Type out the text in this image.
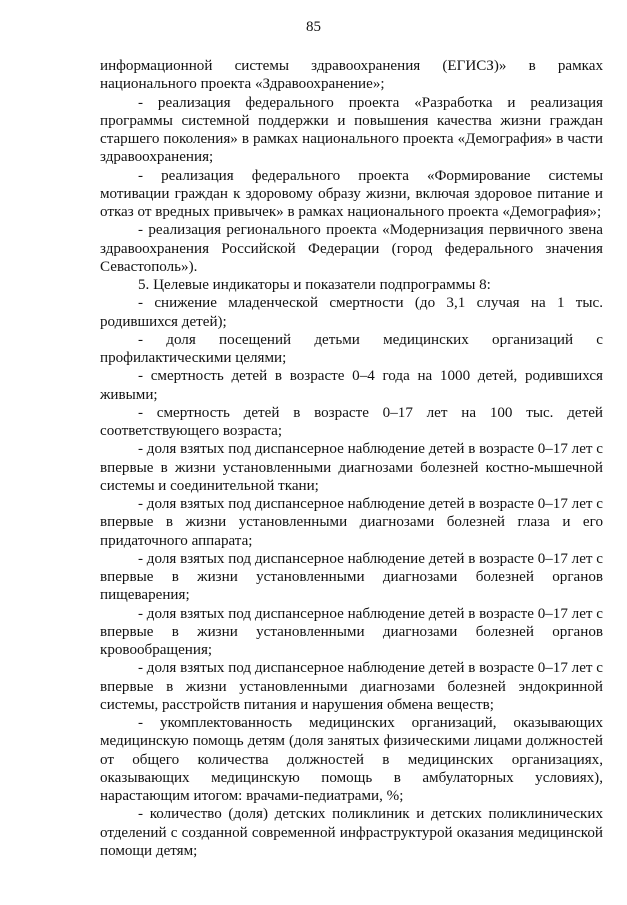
85

информационной системы здравоохранения (ЕГИСЗ)» в рамках национального проекта «Здравоохранение»;

- реализация федерального проекта «Разработка и реализация программы системной поддержки и повышения качества жизни граждан старшего поколения» в рамках национального проекта «Демография» в части здравоохранения;

- реализация федерального проекта «Формирование системы мотивации граждан к здоровому образу жизни, включая здоровое питание и отказ от вредных привычек» в рамках национального проекта «Демография»;

- реализация регионального проекта «Модернизация первичного звена здравоохранения Российской Федерации (город федерального значения Севастополь»).

5. Целевые индикаторы и показатели подпрограммы 8:

- снижение младенческой смертности (до 3,1 случая на 1 тыс. родившихся детей);

- доля посещений детьми медицинских организаций с профилактическими целями;

- смертность детей в возрасте 0–4 года на 1000 детей, родившихся живыми;

- смертность детей в возрасте 0–17 лет на 100 тыс. детей соответствующего возраста;

- доля взятых под диспансерное наблюдение детей в возрасте 0–17 лет с впервые в жизни установленными диагнозами болезней костно-мышечной системы и соединительной ткани;

- доля взятых под диспансерное наблюдение детей в возрасте 0–17 лет с впервые в жизни установленными диагнозами болезней глаза и его придаточного аппарата;

- доля взятых под диспансерное наблюдение детей в возрасте 0–17 лет с впервые в жизни установленными диагнозами болезней органов пищеварения;

- доля взятых под диспансерное наблюдение детей в возрасте 0–17 лет с впервые в жизни установленными диагнозами болезней органов кровообращения;

- доля взятых под диспансерное наблюдение детей в возрасте 0–17 лет с впервые в жизни установленными диагнозами болезней эндокринной системы, расстройств питания и нарушения обмена веществ;

- укомплектованность медицинских организаций, оказывающих медицинскую помощь детям (доля занятых физическими лицами должностей от общего количества должностей в медицинских организациях, оказывающих медицинскую помощь в амбулаторных условиях), нарастающим итогом: врачами-педиатрами, %;

- количество (доля) детских поликлиник и детских поликлинических отделений с созданной современной инфраструктурой оказания медицинской помощи детям;
